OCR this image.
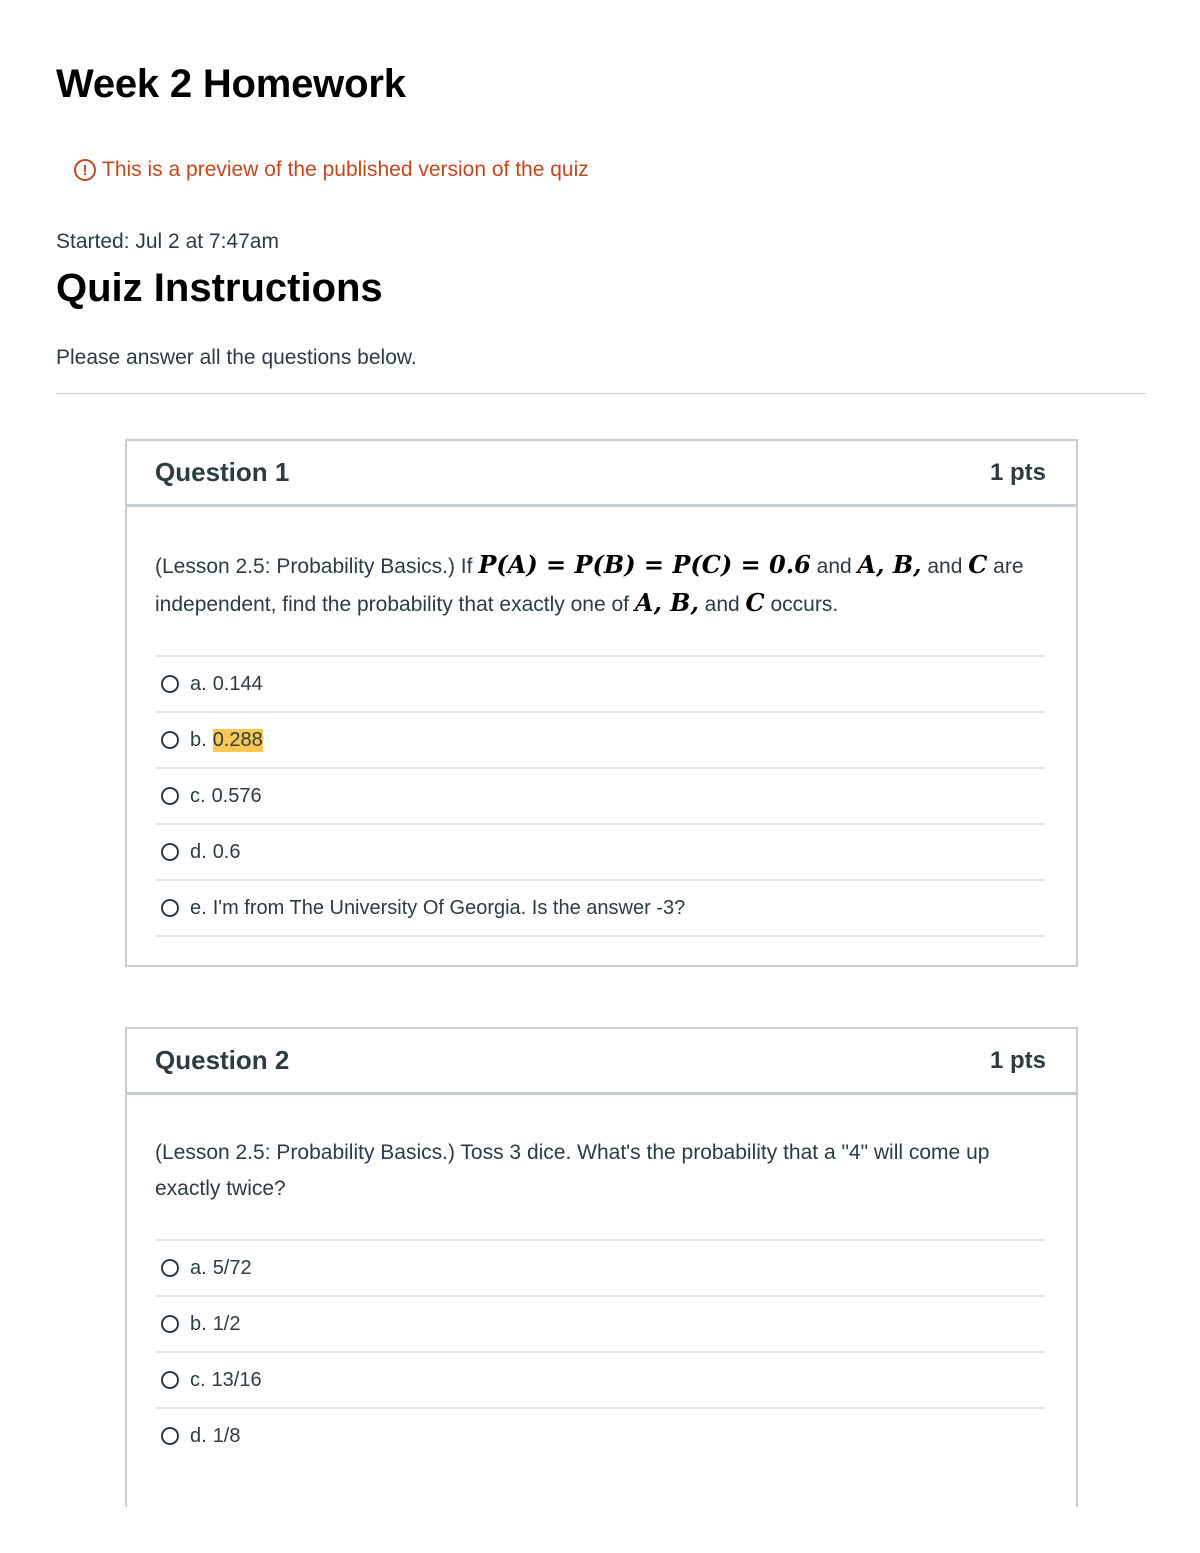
Week 2 Homework
! This is a preview of the published version of the quiz
Started: Jul 2 at 7:47am
Quiz Instructions
Please answer all the questions below.
Question 1	1 pts

(Lesson 2.5: Probability Basics.) If P(A) = P(B) = P(C) = 0.6 and A, B, and C are independent, find the probability that exactly one of A, B, and C occurs.

a. 0.144
b. 0.288
c. 0.576
d. 0.6
e. I'm from The University Of Georgia. Is the answer -3?
Question 2	1 pts

(Lesson 2.5: Probability Basics.) Toss 3 dice. What's the probability that a "4" will come up exactly twice?

a. 5/72
b. 1/2
c. 13/16
d. 1/8
